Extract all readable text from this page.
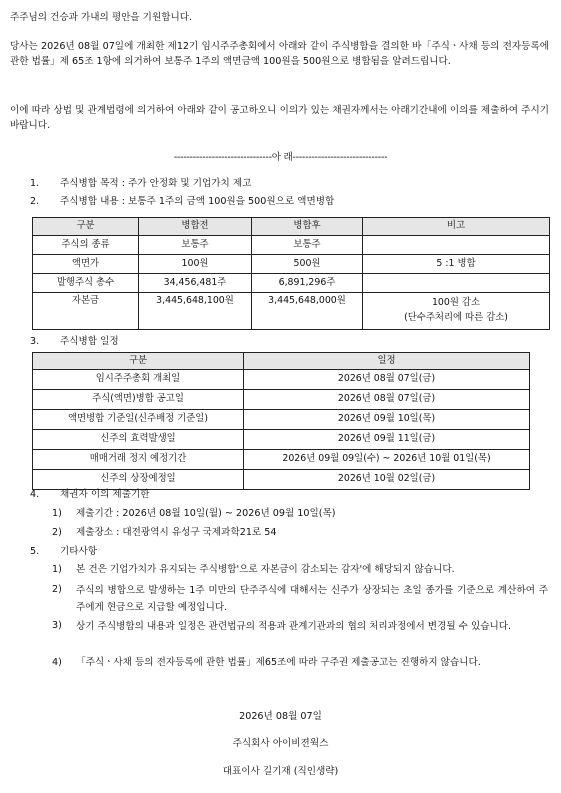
주주님의 건승과 가내의 평안을 기원합니다.
당사는 2026년 08월 07일에 개최한 제12기 임시주주총회에서 아래와 같이 주식병합을 결의한 바「주식ㆍ사채 등의 전자등록에 관한 법률」제 65조 1항에 의거하여 보통주 1주의 액면금액 100원을 500원으로 병합됨을 알려드립니다.
이에 따라 상법 및 관계법령에 의거하여 아래와 같이 공고하오니 이의가 있는 채권자께서는 아래기간내에 이의를 제출하여 주시기 바랍니다.
-------------------------------아 래------------------------------
1. 주식병합 목적 : 주가 안정화 및 기업가치 제고
2. 주식병합 내용 : 보통주 1주의 금액 100원을 500원으로 액면병합
구분	병합전	병합후	비고
주식의 종류	보통주	보통주	
액면가	100원	500원	5 :1 병합
발행주식 총수	34,456,481주	6,891,296주	
자본금	3,445,648,100원	3,445,648,000원	100원 감소
(단수주처리에 따른 감소)
3. 주식병합 일정
구분	일정
임시주주총회 개최일	2026년 08월 07일(금)
주식(액면)병합 공고일	2026년 08월 07일(금)
액면병합 기준일(신주배정 기준일)	2026년 09월 10일(목)
신주의 효력발생일	2026년 09월 11일(금)
매매거래 정지 예정기간	2026년 09월 09일(수) ~ 2026년 10월 01일(목)
신주의 상장예정일	2026년 10월 02일(금)
4. 채권자 이의 제출기한
1) 제출기간 : 2026년 08월 10일(월) ~ 2026년 09월 10일(목)
2) 제출장소 : 대전광역시 유성구 국제과학21로 54
5. 기타사항
1) 본 건은 기업가치가 유지되는 주식병합'으로 자본금이 감소되는 감자'에 해당되지 않습니다.
2) 주식의 병합으로 발생하는 1주 미만의 단주주식에 대해서는 신주가 상장되는 초일 종가를 기준으로 계산하여 주주에게 현금으로 지급할 예정입니다.
3) 상기 주식병합의 내용과 일정은 관련법규의 적용과 관계기관과의 협의 처리과정에서 변경될 수 있습니다.
4) 「주식ㆍ사채 등의 전자등록에 관한 법률」제65조에 따라 구주권 제출공고는 진행하지 않습니다.
2026년 08월 07일
주식회사 아이비젼웍스
대표이사 길기재 (직인생략)
